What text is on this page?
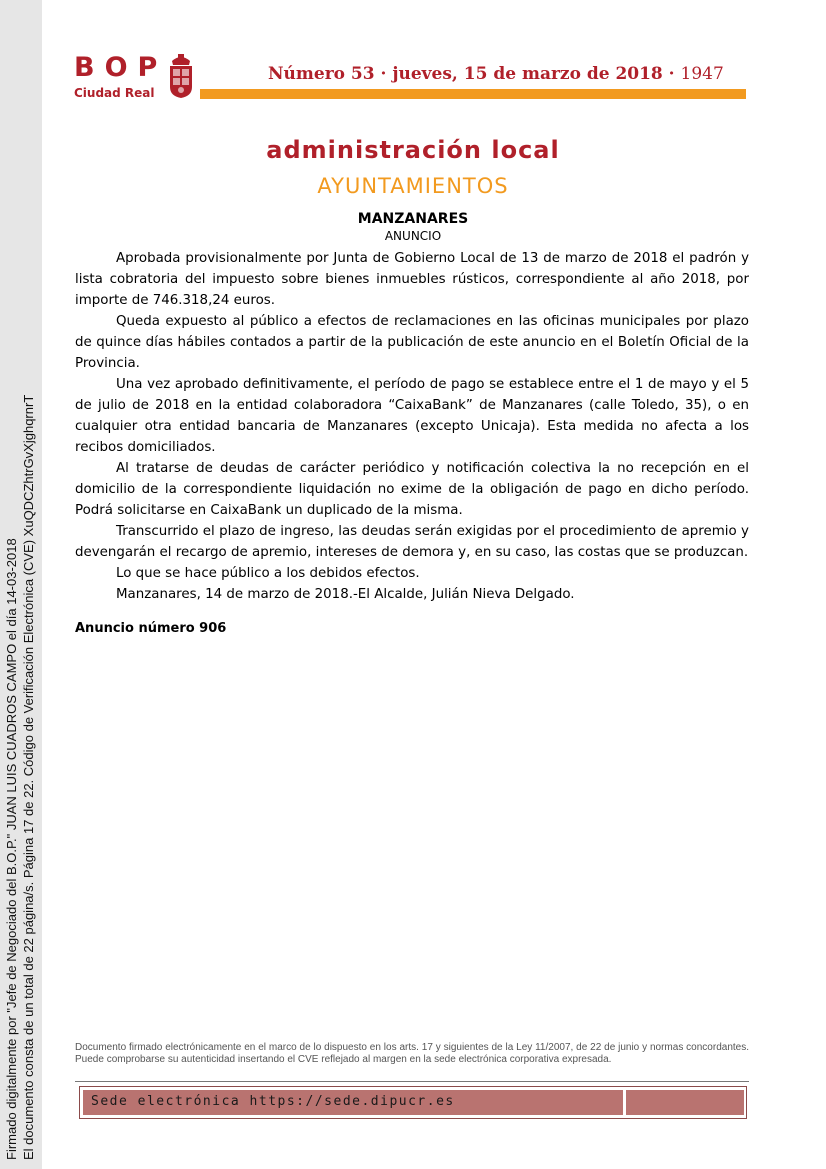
Firmado digitalmente por "Jefe de Negociado del B.O.P." JUAN LUIS CUADROS CAMPO el día 14-03-2018 El documento consta de un total de 22 página/s. Página 17 de 22. Código de Verificación Electrónica (CVE) XuQDCZhtrGvXjghqrnrT
BOP
Ciudad Real
Número 53 · jueves, 15 de marzo de 2018 · 1947
administración local
AYUNTAMIENTOS
MANZANARES
ANUNCIO

Aprobada provisionalmente por Junta de Gobierno Local de 13 de marzo de 2018 el padrón y lista cobratoria del impuesto sobre bienes inmuebles rústicos, correspondiente al año 2018, por importe de 746.318,24 euros.

Queda expuesto al público a efectos de reclamaciones en las oficinas municipales por plazo de quince días hábiles contados a partir de la publicación de este anuncio en el Boletín Oficial de la Provincia.

Una vez aprobado definitivamente, el período de pago se establece entre el 1 de mayo y el 5 de julio de 2018 en la entidad colaboradora “CaixaBank” de Manzanares (calle Toledo, 35), o en cualquier otra entidad bancaria de Manzanares (excepto Unicaja). Esta medida no afecta a los recibos domiciliados.

Al tratarse de deudas de carácter periódico y notificación colectiva la no recepción en el domicilio de la correspondiente liquidación no exime de la obligación de pago en dicho período. Podrá solicitarse en CaixaBank un duplicado de la misma.

Transcurrido el plazo de ingreso, las deudas serán exigidas por el procedimiento de apremio y devengarán el recargo de apremio, intereses de demora y, en su caso, las costas que se produzcan.

Lo que se hace público a los debidos efectos.

Manzanares, 14 de marzo de 2018.-El Alcalde, Julián Nieva Delgado.

Anuncio número 906
Documento firmado electrónicamente en el marco de lo dispuesto en los arts. 17 y siguientes de la Ley 11/2007, de 22 de junio y normas concordantes. Puede comprobarse su autenticidad insertando el CVE reflejado al margen en la sede electrónica corporativa expresada.
Sede electrónica https://sede.dipucr.es
